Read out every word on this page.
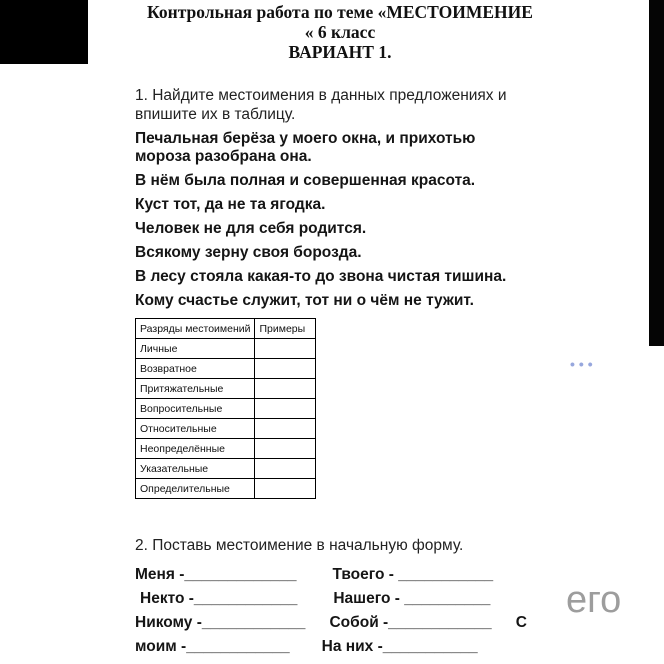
Контрольная работа по теме «МЕСТОИМЕНИЕ
« 6 класс
ВАРИАНТ 1.

1. Найдите местоимения в данных предложениях и впишите их в таблицу.

Печальная берёза у моего окна, и прихотью мороза разобрана она.

В нём была полная и совершенная красота.

Куст тот, да не та ягодка.

Человек не для себя родится.

Всякому зерну своя борозда.

В лесу стояла какая-то до звона чистая тишина.

Кому счастье служит, тот ни о чём не тужит.

Разряды местоимений	Примеры
Личные	
Возвратное	
Притяжательные	
Вопросительные	
Относительные	
Неопределённые	
Указательные	
Определительные	

2. Поставь местоимение в начальную форму.

Меня -_____________ Твоего - ___________
Некто -____________ Нашего - __________
Никому -____________ Собой -____________ С
моим -____________ На них -___________
•••
его
